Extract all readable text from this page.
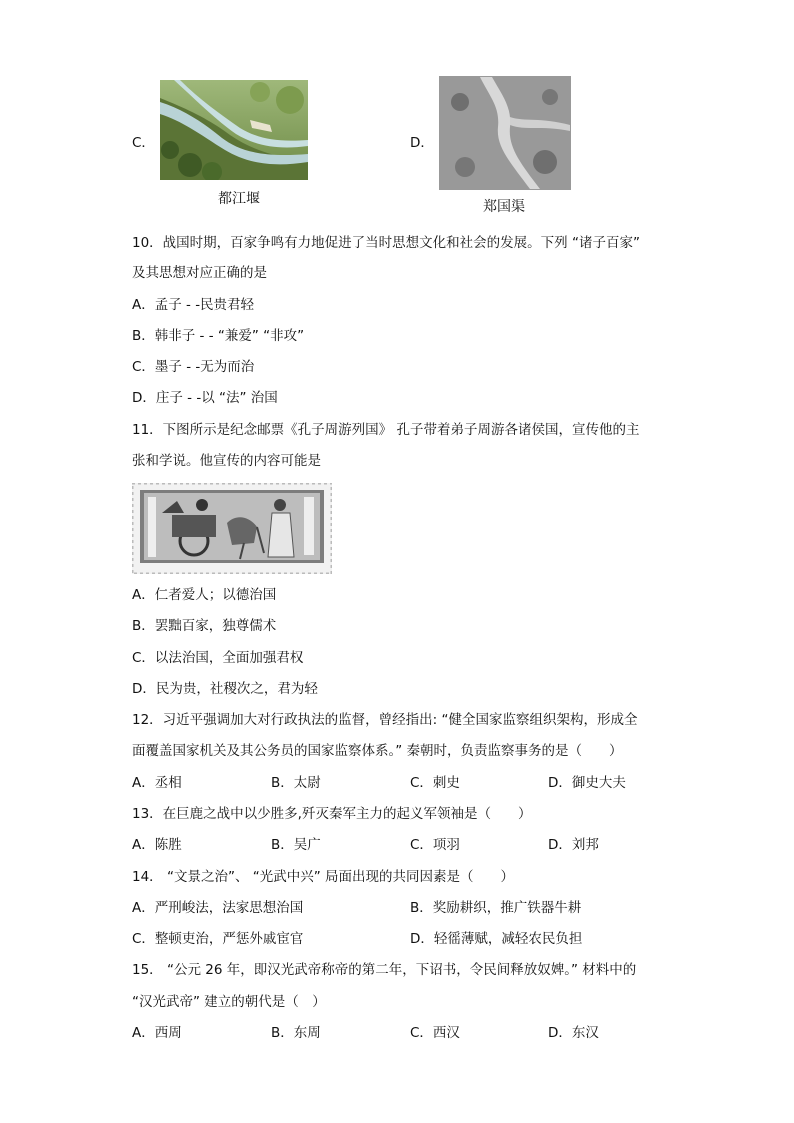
C．
都江堰
D．
郑国渠
10．战国时期，百家争鸣有力地促进了当时思想文化和社会的发展。下列 “诸子百家”
及其思想对应正确的是
A．孟子 - -民贵君轻
B．韩非子 - - “兼爱” “非攻”
C．墨子 - -无为而治
D．庄子 - -以 “法” 治国
11．下图所示是纪念邮票《孔子周游列国》 孔子带着弟子周游各诸侯国，宣传他的主
张和学说。他宣传的内容可能是
A．仁者爱人；以德治国
B．罢黜百家，独尊儒术
C．以法治国，全面加强君权
D．民为贵，社稷次之，君为轻
12．习近平强调加大对行政执法的监督，曾经指出: “健全国家监察组织架构，形成全
面覆盖国家机关及其公务员的国家监察体系。” 秦朝时，负责监察事务的是（　　）
A．丞相	B．太尉	C．刺史	D．御史大夫
13．在巨鹿之战中以少胜多,歼灭秦军主力的起义军领袖是（　　）
A．陈胜	B．吴广	C．项羽	D．刘邦
14． “文景之治”、 “光武中兴” 局面出现的共同因素是（　　）
A．严刑峻法，法家思想治国	B．奖励耕织，推广铁器牛耕
C．整顿吏治，严惩外戚宦官	D．轻徭薄赋，减轻农民负担
15． “公元 26 年，即汉光武帝称帝的第二年，下诏书，令民间释放奴婢。” 材料中的
“汉光武帝” 建立的朝代是（　）
A．西周	B．东周	C．西汉	D．东汉
